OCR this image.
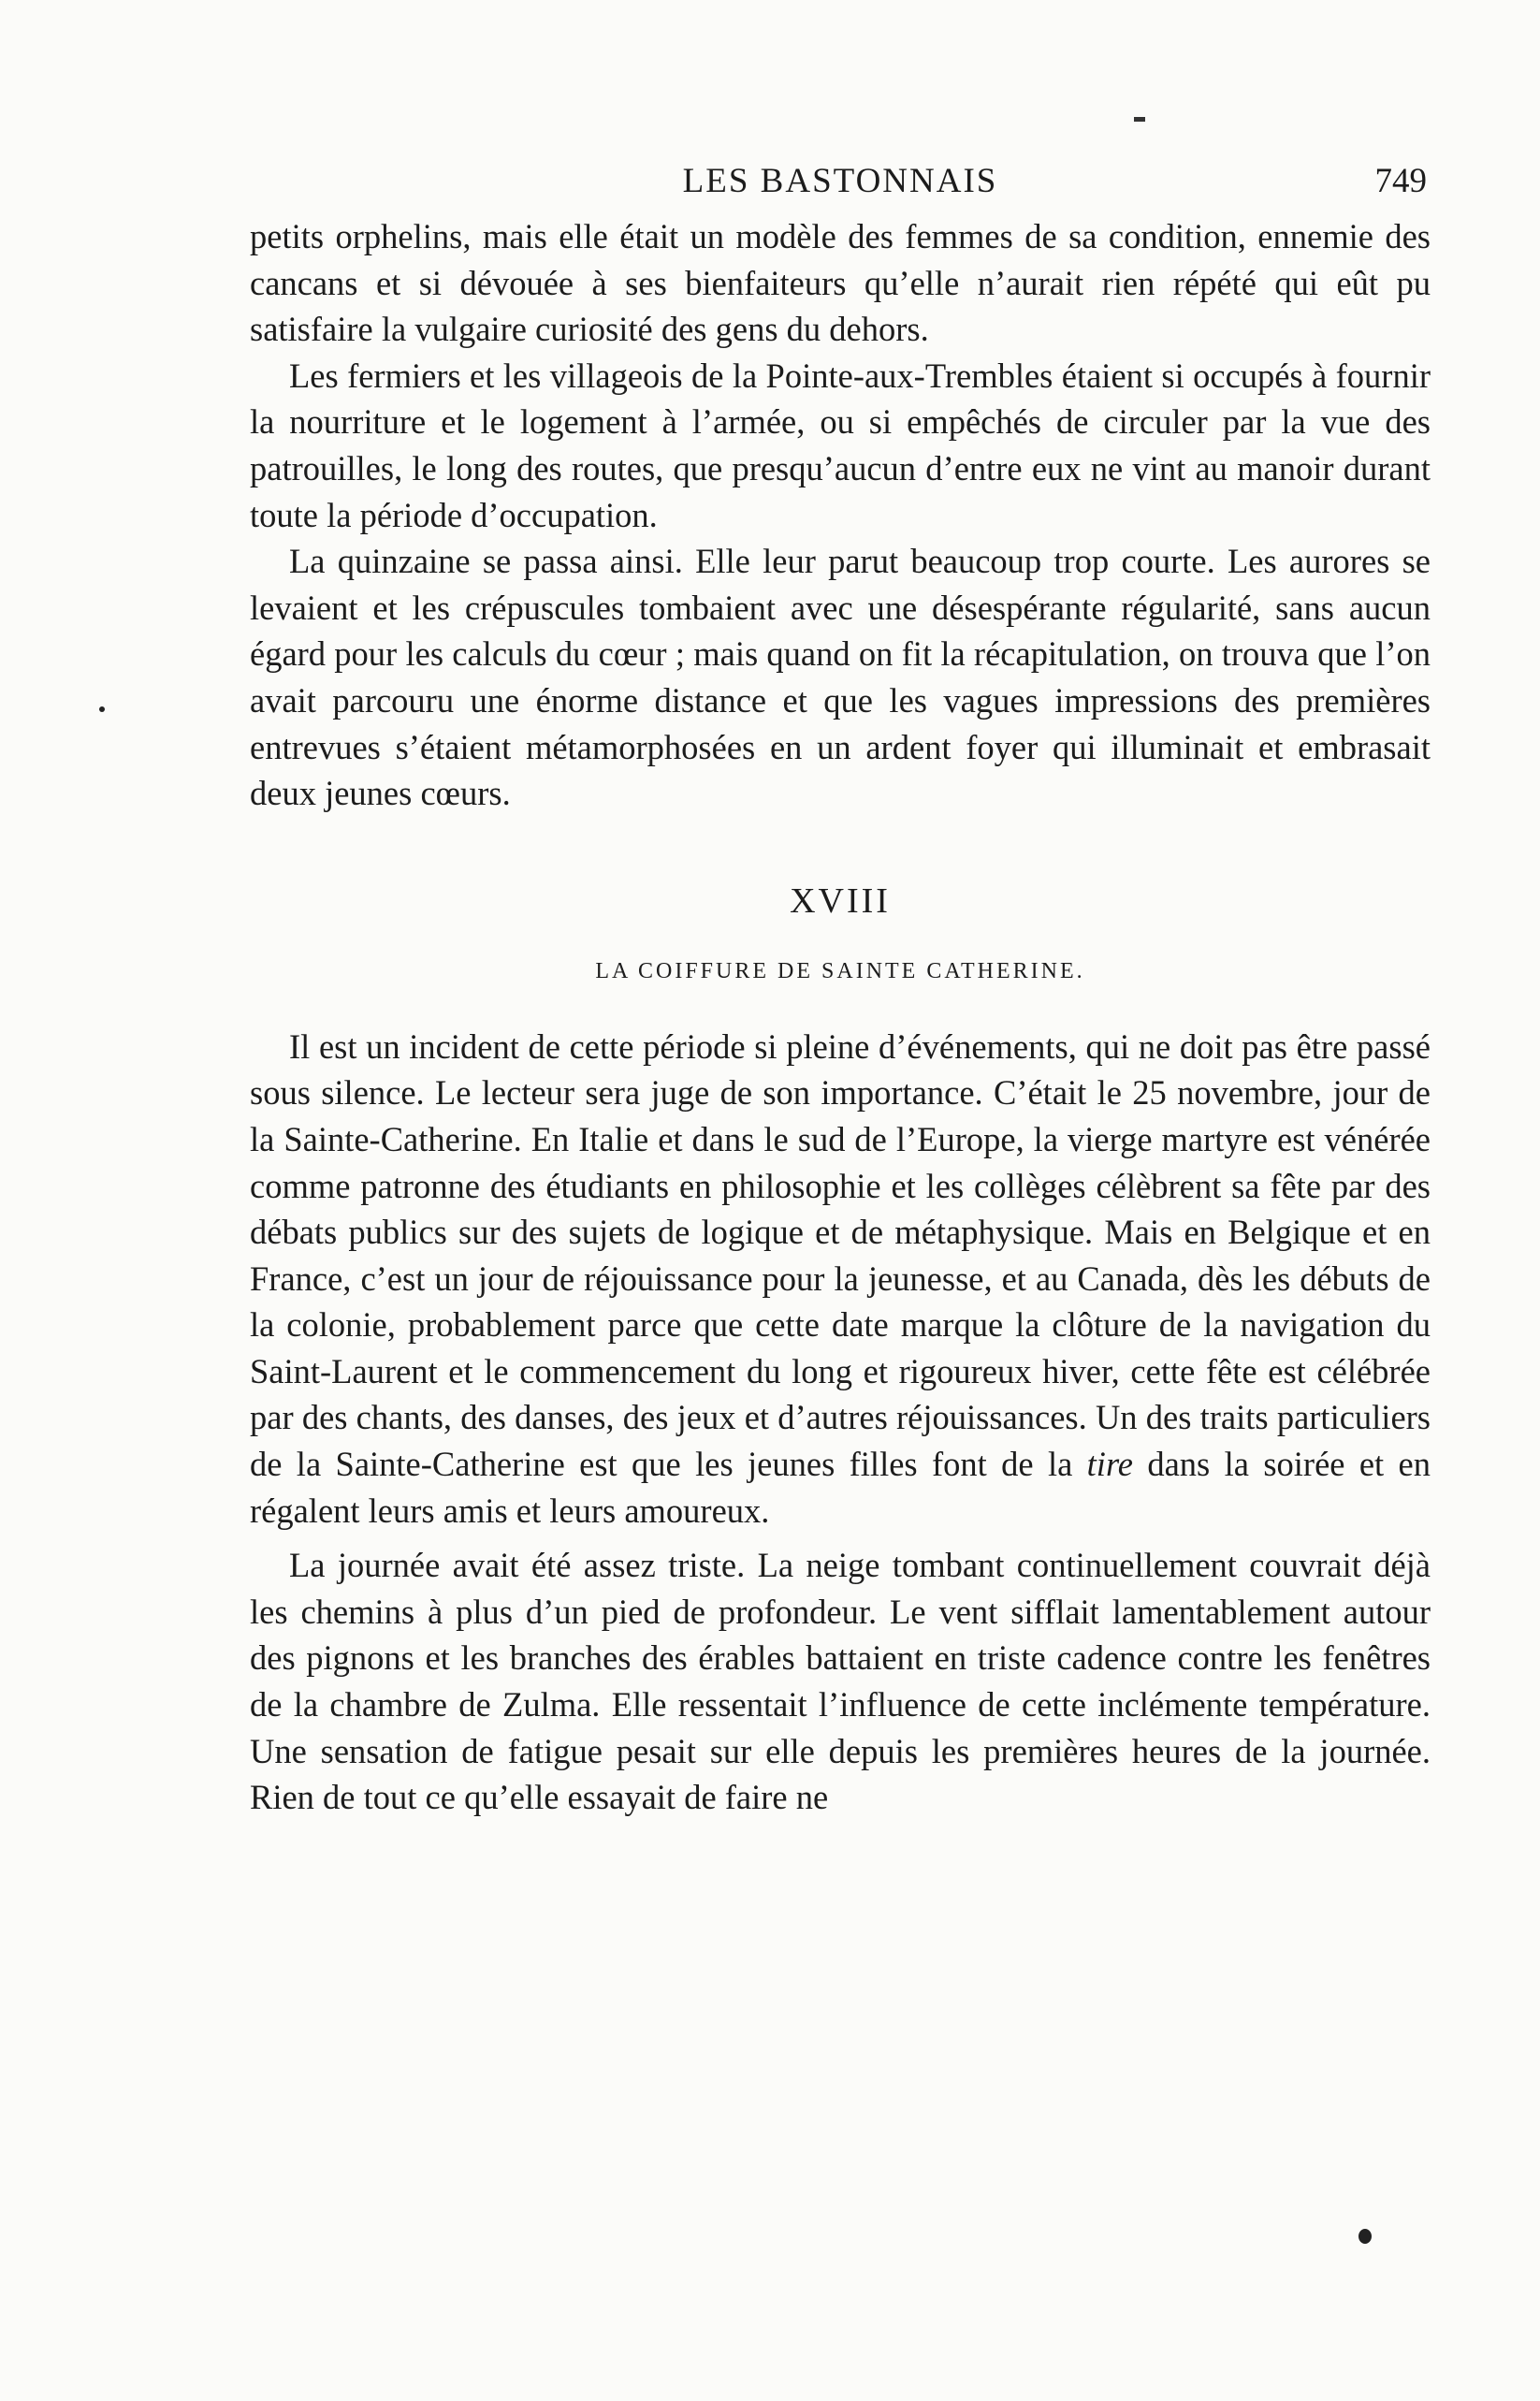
LES BASTONNAIS	749

petits orphelins, mais elle était un modèle des femmes de sa condition, ennemie des cancans et si dévouée à ses bienfaiteurs qu’elle n’aurait rien répété qui eût pu satisfaire la vulgaire curiosité des gens du dehors.

Les fermiers et les villageois de la Pointe-aux-Trembles étaient si occupés à fournir la nourriture et le logement à l’armée, ou si empêchés de circuler par la vue des patrouilles, le long des routes, que presqu’aucun d’entre eux ne vint au manoir durant toute la période d’occupation.

La quinzaine se passa ainsi. Elle leur parut beaucoup trop courte. Les aurores se levaient et les crépuscules tombaient avec une désespérante régularité, sans aucun égard pour les calculs du cœur ; mais quand on fit la récapitulation, on trouva que l’on avait parcouru une énorme distance et que les vagues impressions des premières entrevues s’étaient métamorphosées en un ardent foyer qui illuminait et embrasait deux jeunes cœurs.

XVIII
LA COIFFURE DE SAINTE CATHERINE.

Il est un incident de cette période si pleine d’événements, qui ne doit pas être passé sous silence. Le lecteur sera juge de son importance. C’était le 25 novembre, jour de la Sainte-Catherine. En Italie et dans le sud de l’Europe, la vierge martyre est vénérée comme patronne des étudiants en philosophie et les collèges célèbrent sa fête par des débats publics sur des sujets de logique et de métaphysique. Mais en Belgique et en France, c’est un jour de réjouissance pour la jeunesse, et au Canada, dès les débuts de la colonie, probablement parce que cette date marque la clôture de la navigation du Saint-Laurent et le commencement du long et rigoureux hiver, cette fête est célébrée par des chants, des danses, des jeux et d’autres réjouissances. Un des traits particuliers de la Sainte-Catherine est que les jeunes filles font de la tire dans la soirée et en régalent leurs amis et leurs amoureux.

La journée avait été assez triste. La neige tombant continuellement couvrait déjà les chemins à plus d’un pied de profondeur. Le vent sifflait lamentablement autour des pignons et les branches des érables battaient en triste cadence contre les fenêtres de la chambre de Zulma. Elle ressentait l’influence de cette inclémente température. Une sensation de fatigue pesait sur elle depuis les premières heures de la journée. Rien de tout ce qu’elle essayait de faire ne
